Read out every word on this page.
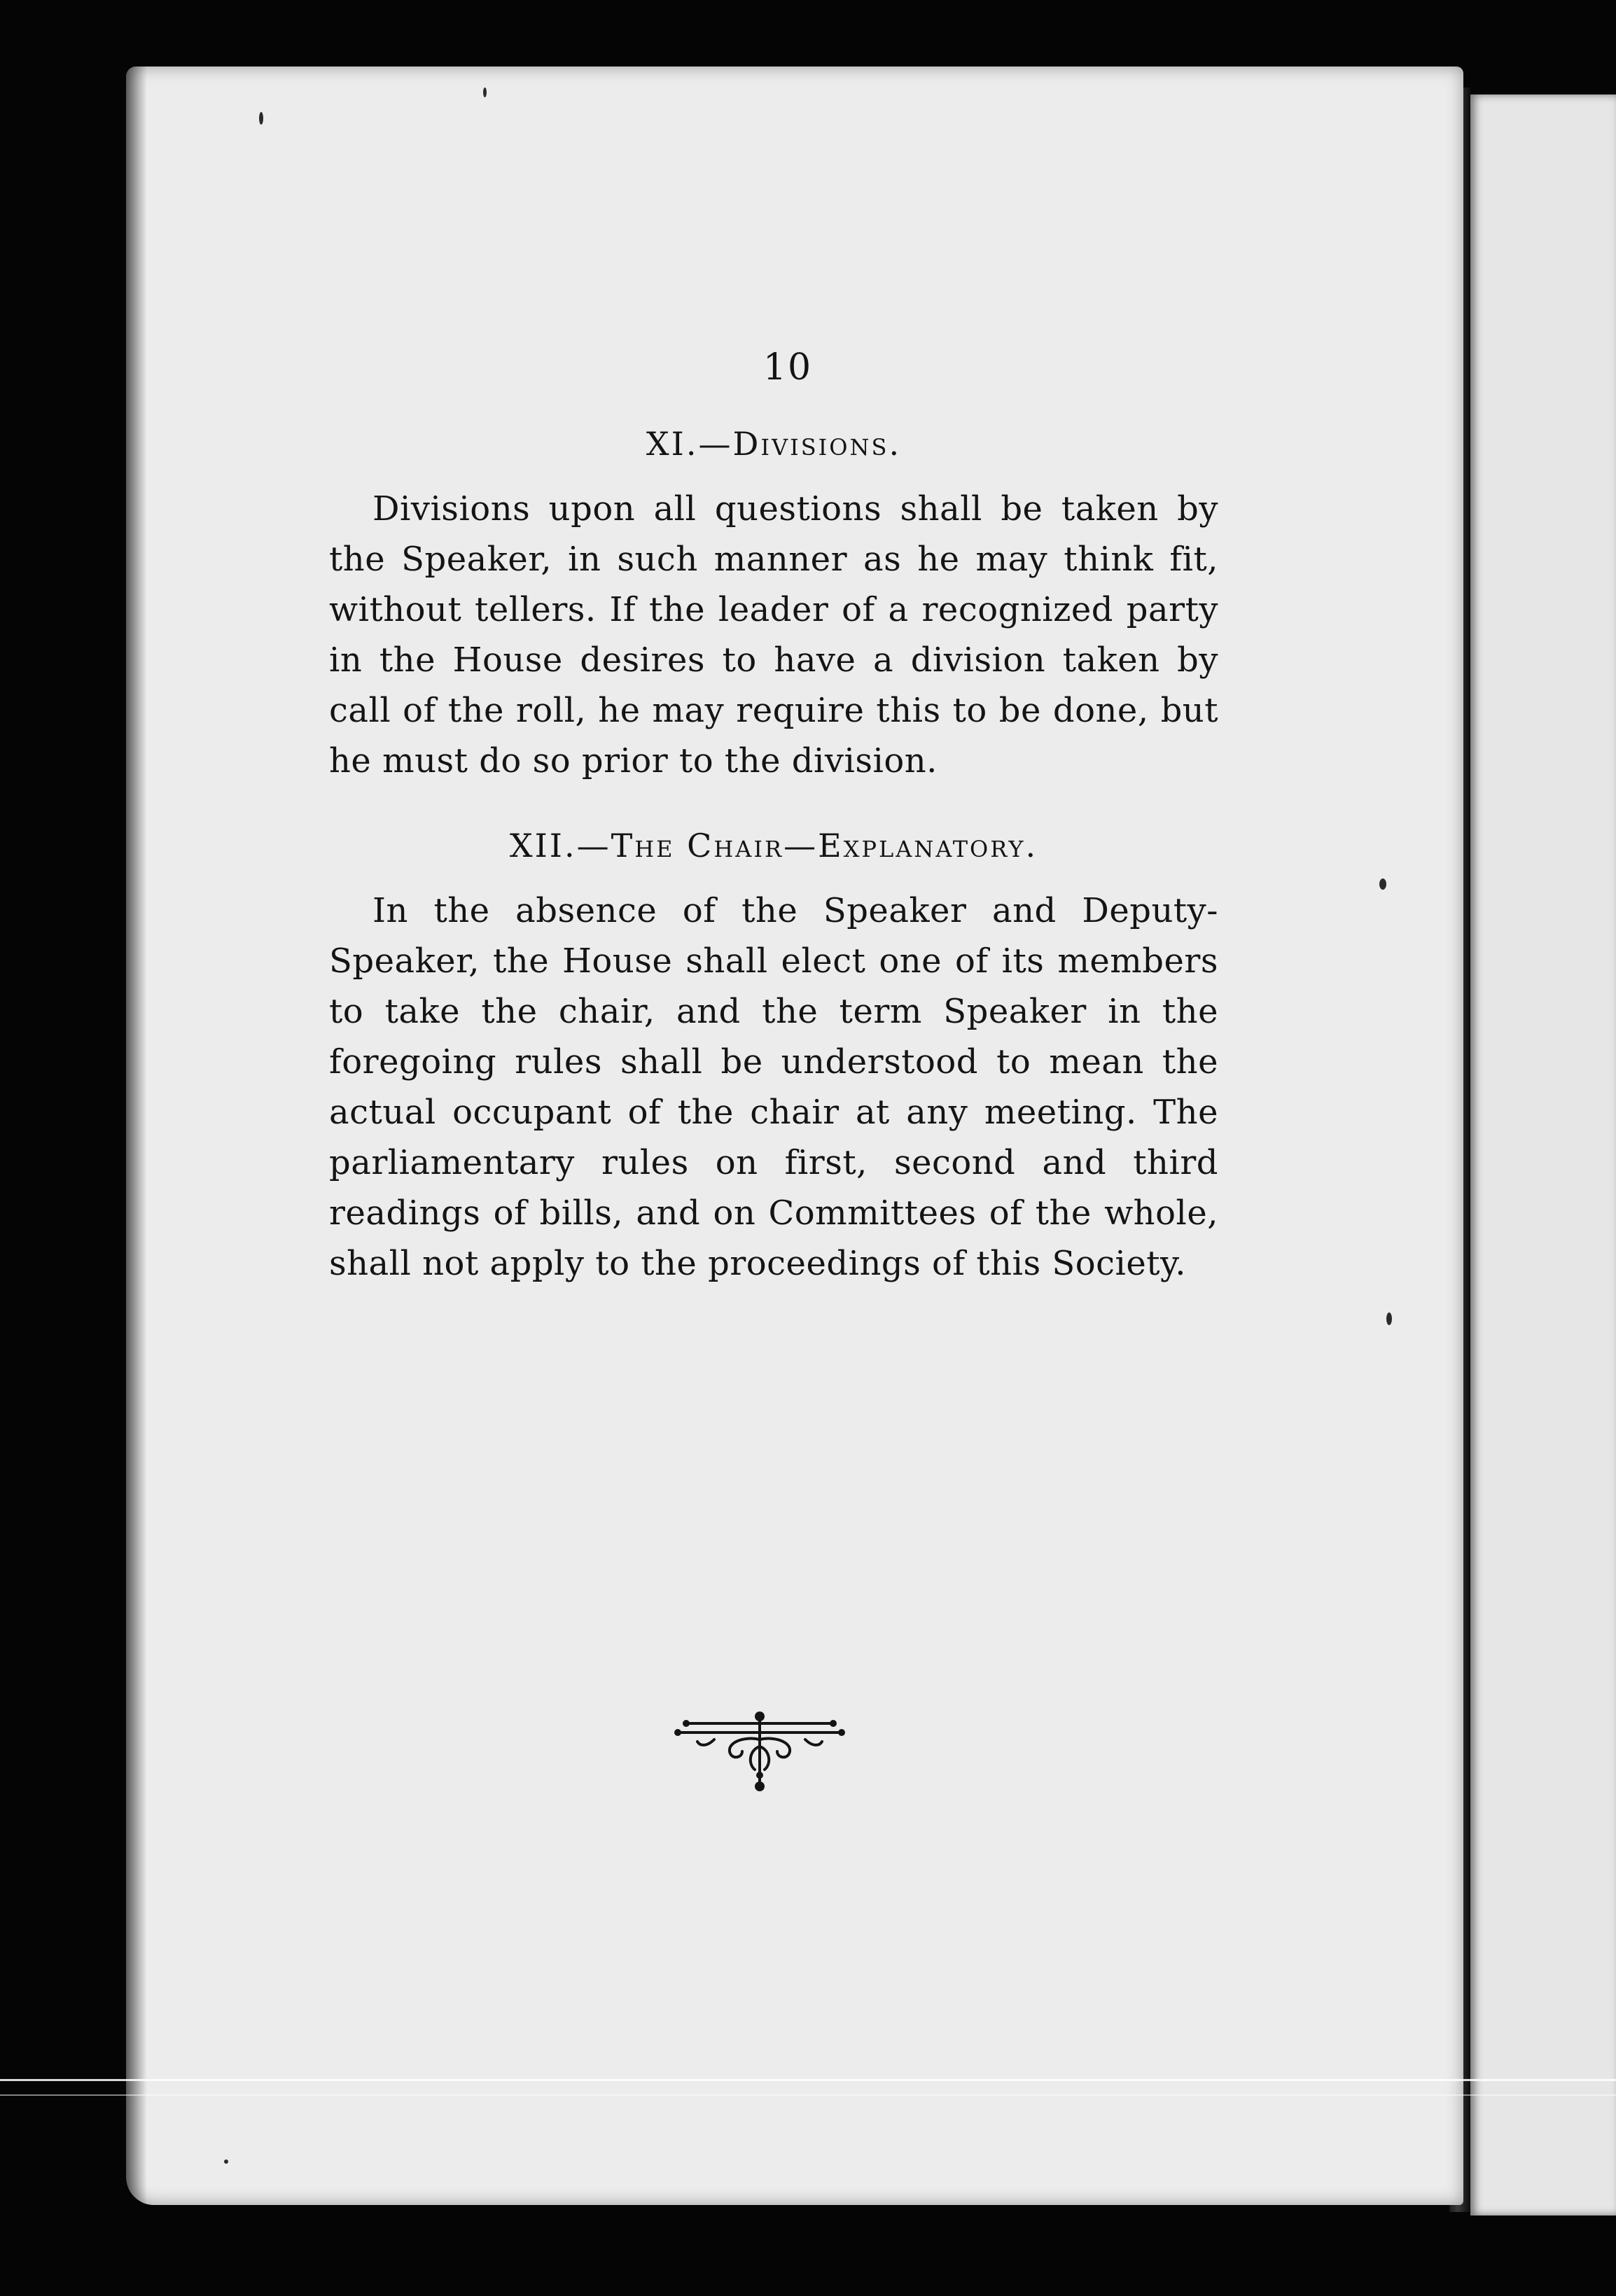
10
XI.—Divisions.

Divisions upon all questions shall be taken by the Speaker, in such manner as he may think fit, without tellers. If the leader of a recognized party in the House desires to have a division taken by call of the roll, he may require this to be done, but he must do so prior to the division.

XII.—The Chair—Explanatory.

In the absence of the Speaker and Deputy-Speaker, the House shall elect one of its members to take the chair, and the term Speaker in the foregoing rules shall be understood to mean the actual occupant of the chair at any meeting. The parliamentary rules on first, second and third readings of bills, and on Committees of the whole, shall not apply to the proceedings of this Society.
